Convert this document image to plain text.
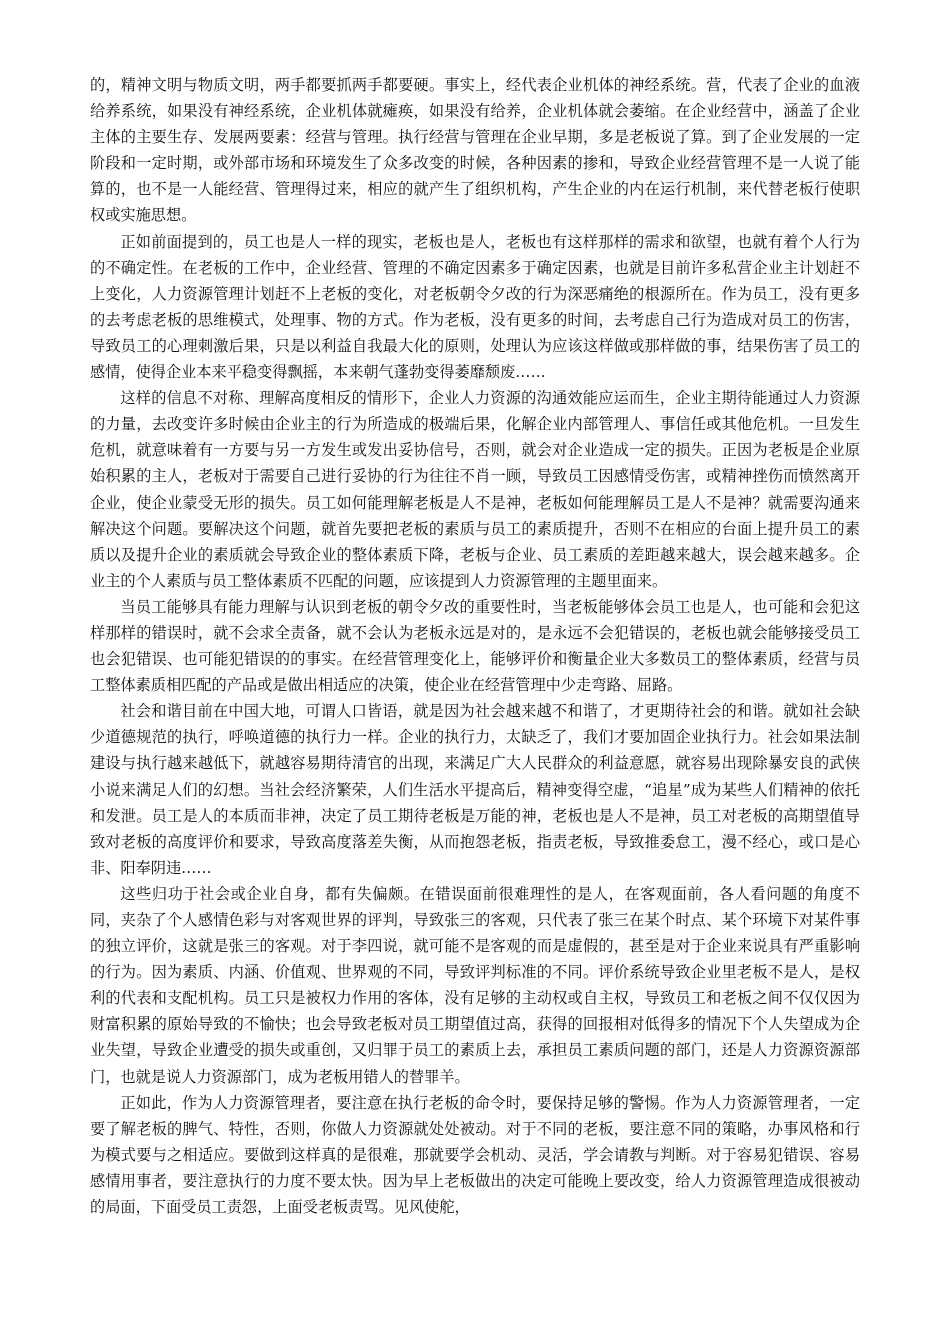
的，精神文明与物质文明，两手都要抓两手都要硬。事实上，经代表企业机体的神经系统。营，代表了企业的血液给养系统，如果没有神经系统，企业机体就瘫痪，如果没有给养，企业机体就会萎缩。在企业经营中，涵盖了企业主体的主要生存、发展两要素：经营与管理。执行经营与管理在企业早期，多是老板说了算。到了企业发展的一定阶段和一定时期，或外部市场和环境发生了众多改变的时候，各种因素的掺和，导致企业经营管理不是一人说了能算的，也不是一人能经营、管理得过来，相应的就产生了组织机构，产生企业的内在运行机制，来代替老板行使职权或实施思想。

正如前面提到的，员工也是人一样的现实，老板也是人，老板也有这样那样的需求和欲望，也就有着个人行为的不确定性。在老板的工作中，企业经营、管理的不确定因素多于确定因素，也就是目前许多私营企业主计划赶不上变化，人力资源管理计划赶不上老板的变化，对老板朝令夕改的行为深恶痛绝的根源所在。作为员工，没有更多的去考虑老板的思维模式，处理事、物的方式。作为老板，没有更多的时间，去考虑自己行为造成对员工的伤害，导致员工的心理刺激后果，只是以利益自我最大化的原则，处理认为应该这样做或那样做的事，结果伤害了员工的感情，使得企业本来平稳变得飘摇，本来朝气蓬勃变得萎靡颓废……

这样的信息不对称、理解高度相反的情形下，企业人力资源的沟通效能应运而生，企业主期待能通过人力资源的力量，去改变许多时候由企业主的行为所造成的极端后果，化解企业内部管理人、事信任或其他危机。一旦发生危机，就意味着有一方要与另一方发生或发出妥协信号，否则，就会对企业造成一定的损失。正因为老板是企业原始积累的主人，老板对于需要自己进行妥协的行为往往不肖一顾，导致员工因感情受伤害，或精神挫伤而愤然离开企业，使企业蒙受无形的损失。员工如何能理解老板是人不是神，老板如何能理解员工是人不是神？就需要沟通来解决这个问题。要解决这个问题，就首先要把老板的素质与员工的素质提升，否则不在相应的台面上提升员工的素质以及提升企业的素质就会导致企业的整体素质下降，老板与企业、员工素质的差距越来越大，误会越来越多。企业主的个人素质与员工整体素质不匹配的问题，应该提到人力资源管理的主题里面来。

当员工能够具有能力理解与认识到老板的朝令夕改的重要性时，当老板能够体会员工也是人，也可能和会犯这样那样的错误时，就不会求全责备，就不会认为老板永远是对的，是永远不会犯错误的，老板也就会能够接受员工也会犯错误、也可能犯错误的的事实。在经营管理变化上，能够评价和衡量企业大多数员工的整体素质，经营与员工整体素质相匹配的产品或是做出相适应的决策，使企业在经营管理中少走弯路、屈路。

社会和谐目前在中国大地，可谓人口皆语，就是因为社会越来越不和谐了，才更期待社会的和谐。就如社会缺少道德规范的执行，呼唤道德的执行力一样。企业的执行力，太缺乏了，我们才要加固企业执行力。社会如果法制建设与执行越来越低下，就越容易期待清官的出现，来满足广大人民群众的利益意愿，就容易出现除暴安良的武侠小说来满足人们的幻想。当社会经济繁荣，人们生活水平提高后，精神变得空虚，“追星”成为某些人们精神的依托和发泄。员工是人的本质而非神，决定了员工期待老板是万能的神，老板也是人不是神，员工对老板的高期望值导致对老板的高度评价和要求，导致高度落差失衡，从而抱怨老板，指责老板，导致推委怠工，漫不经心，或口是心非、阳奉阴违……

这些归功于社会或企业自身，都有失偏颇。在错误面前很难理性的是人，在客观面前，各人看问题的角度不同，夹杂了个人感情色彩与对客观世界的评判，导致张三的客观，只代表了张三在某个时点、某个环境下对某件事的独立评价，这就是张三的客观。对于李四说，就可能不是客观的而是虚假的，甚至是对于企业来说具有严重影响的行为。因为素质、内涵、价值观、世界观的不同，导致评判标准的不同。评价系统导致企业里老板不是人，是权利的代表和支配机构。员工只是被权力作用的客体，没有足够的主动权或自主权，导致员工和老板之间不仅仅因为财富积累的原始导致的不愉快；也会导致老板对员工期望值过高，获得的回报相对低得多的情况下个人失望成为企业失望，导致企业遭受的损失或重创，又归罪于员工的素质上去，承担员工素质问题的部门，还是人力资源资源部门，也就是说人力资源部门，成为老板用错人的替罪羊。

正如此，作为人力资源管理者，要注意在执行老板的命令时，要保持足够的警惕。作为人力资源管理者，一定要了解老板的脾气、特性，否则，你做人力资源就处处被动。对于不同的老板，要注意不同的策略，办事风格和行为模式要与之相适应。要做到这样真的是很难，那就要学会机动、灵活，学会请教与判断。对于容易犯错误、容易感情用事者，要注意执行的力度不要太快。因为早上老板做出的决定可能晚上要改变，给人力资源管理造成很被动的局面，下面受员工责怨，上面受老板责骂。见风使舵，
